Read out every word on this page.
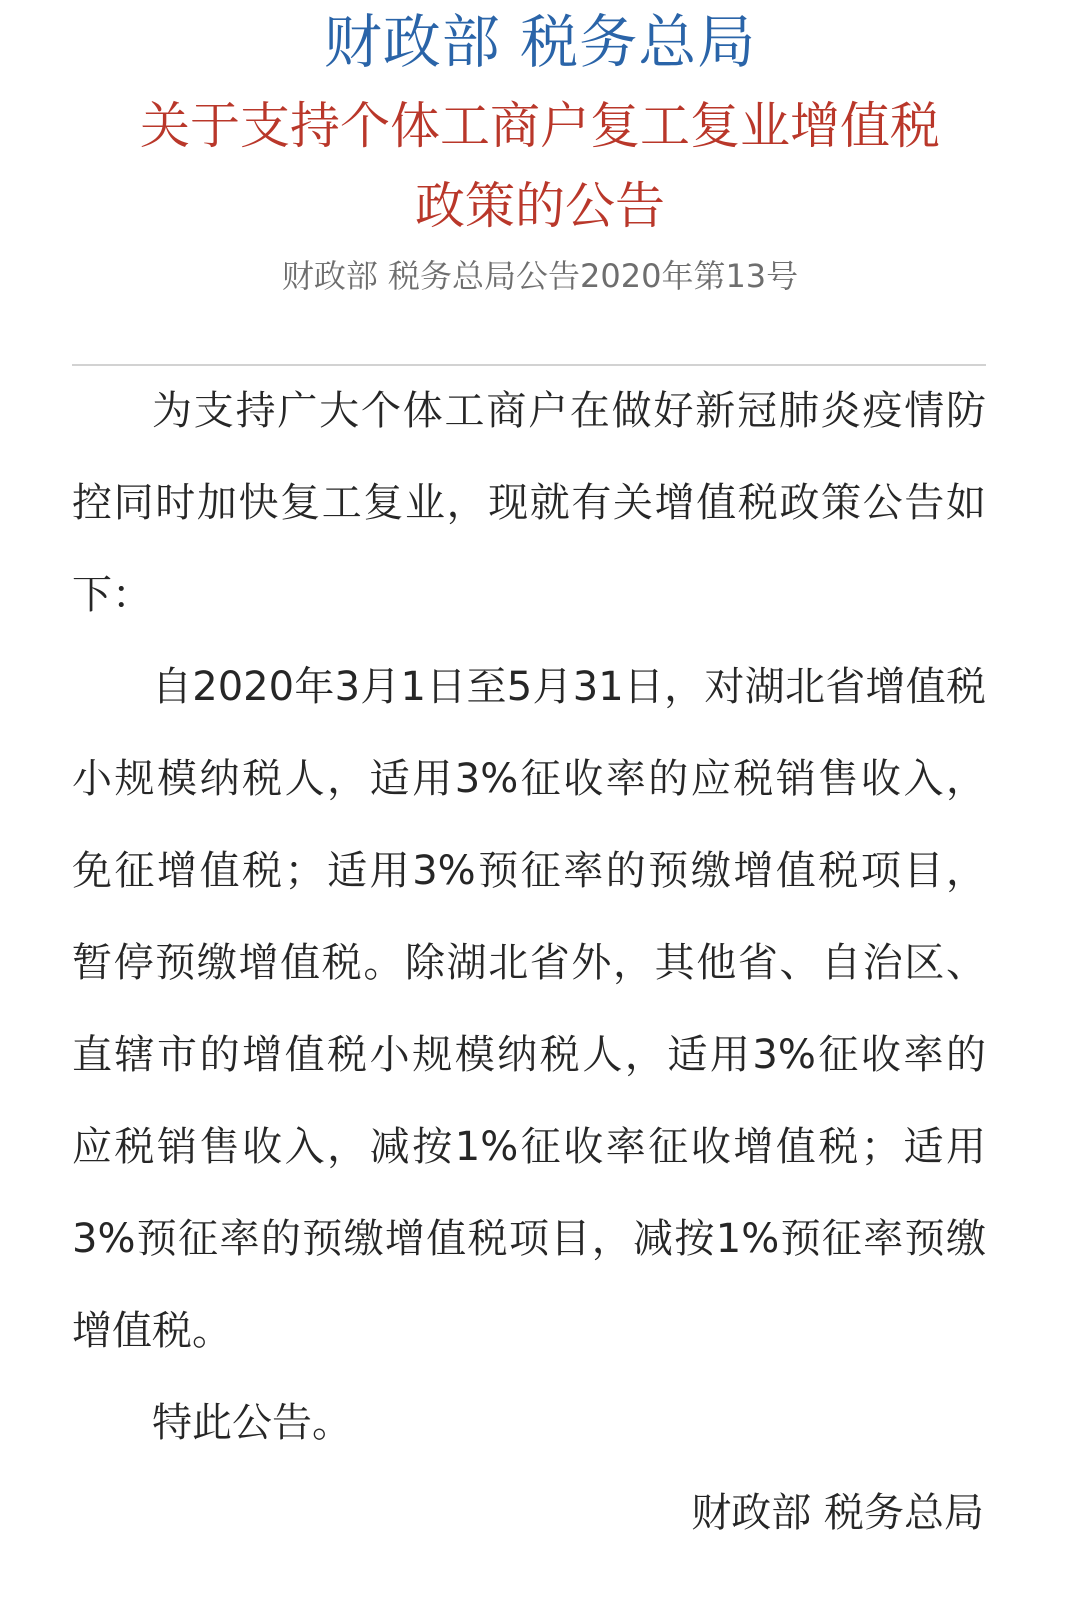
财政部 税务总局
关于支持个体工商户复工复业增值税
政策的公告
财政部 税务总局公告2020年第13号
为支持广大个体工商户在做好新冠肺炎疫情防
控同时加快复工复业，现就有关增值税政策公告如
下：
自2020年3月1日至5月31日，对湖北省增值税
小规模纳税人，适用3%征收率的应税销售收入，
免征增值税；适用3%预征率的预缴增值税项目，
暂停预缴增值税。除湖北省外，其他省、自治区、
直辖市的增值税小规模纳税人，适用3%征收率的
应税销售收入，减按1%征收率征收增值税；适用
3%预征率的预缴增值税项目，减按1%预征率预缴
增值税。
特此公告。
财政部 税务总局
